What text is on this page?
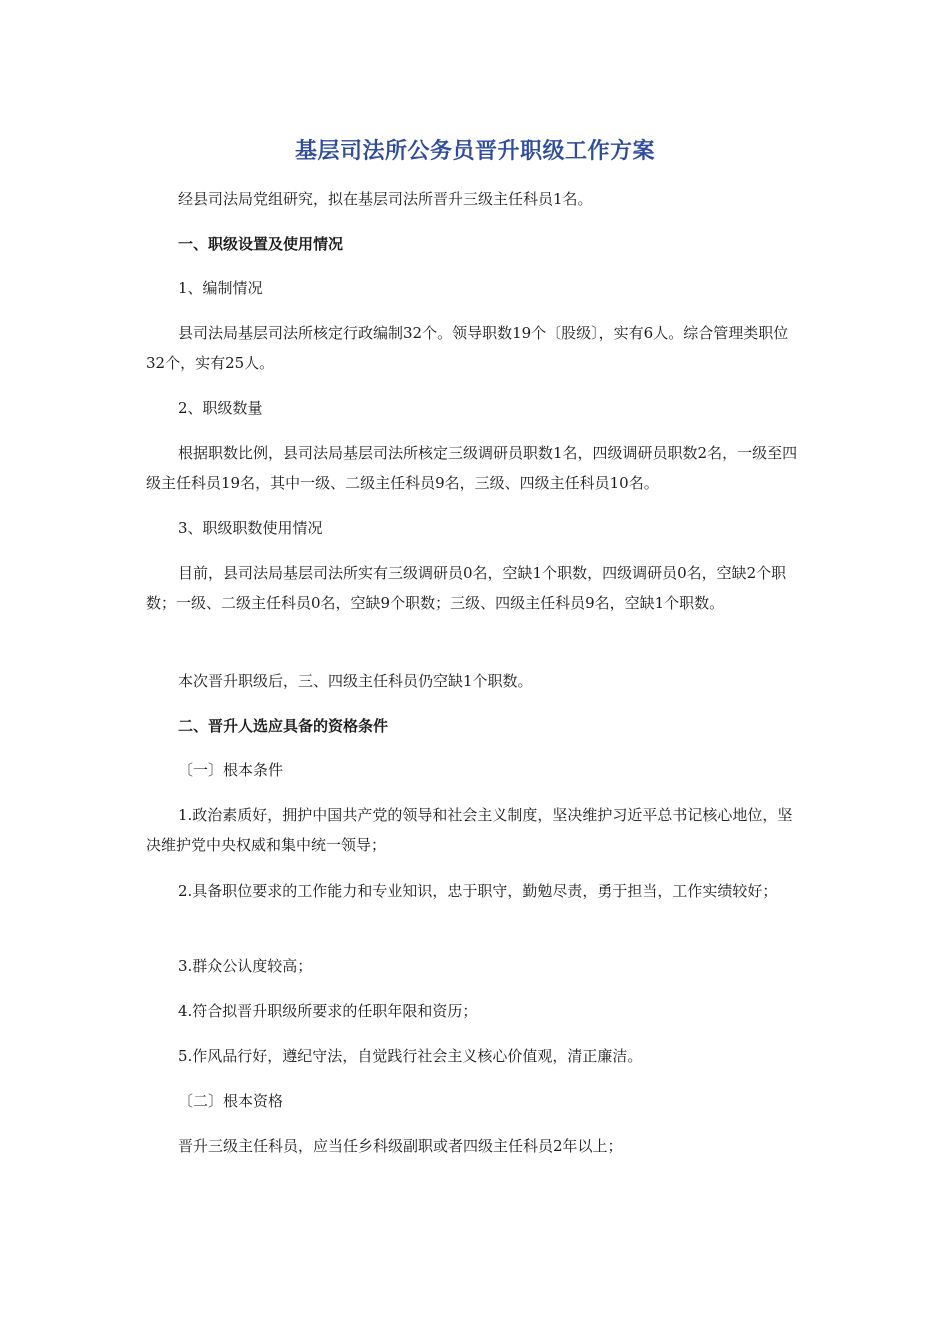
基层司法所公务员晋升职级工作方案
经县司法局党组研究，拟在基层司法所晋升三级主任科员1名。
一、职级设置及使用情况
1、编制情况
县司法局基层司法所核定行政编制32个。领导职数19个〔股级〕，实有6人。综合管理类职位32个，实有25人。
2、职级数量
根据职数比例，县司法局基层司法所核定三级调研员职数1名，四级调研员职数2名，一级至四级主任科员19名，其中一级、二级主任科员9名，三级、四级主任科员10名。
3、职级职数使用情况
目前，县司法局基层司法所实有三级调研员0名，空缺1个职数，四级调研员0名，空缺2个职数；一级、二级主任科员0名，空缺9个职数；三级、四级主任科员9名，空缺1个职数。
本次晋升职级后，三、四级主任科员仍空缺1个职数。
二、晋升人选应具备的资格条件
〔一〕根本条件
1.政治素质好，拥护中国共产党的领导和社会主义制度，坚决维护习近平总书记核心地位，坚决维护党中央权威和集中统一领导；
2.具备职位要求的工作能力和专业知识，忠于职守，勤勉尽责，勇于担当，工作实绩较好；
3.群众公认度较高；
4.符合拟晋升职级所要求的任职年限和资历；
5.作风品行好，遵纪守法，自觉践行社会主义核心价值观，清正廉洁。
〔二〕根本资格
晋升三级主任科员，应当任乡科级副职或者四级主任科员2年以上；
